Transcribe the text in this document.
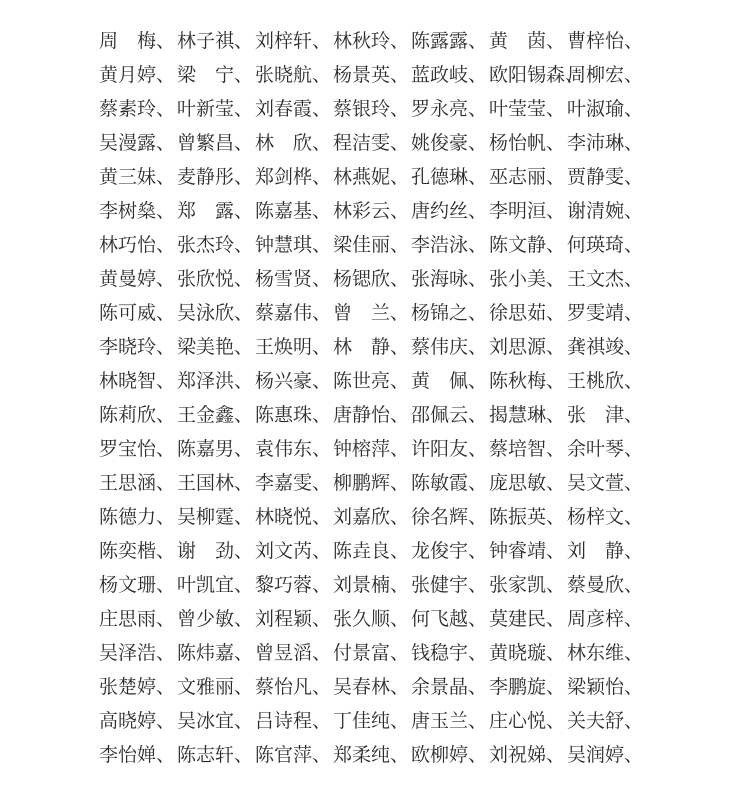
周　梅、 林子祺、 刘梓轩、 林秋玲、 陈露露、 黄　茵、 曹梓怡、
黄月婷、 梁　宁、 张晓航、 杨景英、 蓝政岐、 欧阳锡森、周柳宏、
蔡素玲、 叶新莹、 刘春霞、 蔡银玲、 罗永亮、 叶莹莹、 叶淑瑜、
吴漫露、 曾繁昌、 林　欣、 程洁雯、 姚俊豪、 杨怡帆、 李沛琳、
黄三妹、 麦静彤、 郑剑桦、 林燕妮、 孔德琳、 巫志丽、 贾静雯、
李树燊、 郑　露、 陈嘉基、 林彩云、 唐约丝、 李明洹、 谢清婉、
林巧怡、 张杰玲、 钟慧琪、 梁佳丽、 李浩泳、 陈文静、 何瑛琦、
黄曼婷、 张欣悦、 杨雪贤、 杨锶欣、 张海咏、 张小美、 王文杰、
陈可威、 吴泳欣、 蔡嘉伟、 曾　兰、 杨锦之、 徐思茹、 罗雯靖、
李晓玲、 梁美艳、 王焕明、 林　静、 蔡伟庆、 刘思源、 龚祺竣、
林晓智、 郑泽洪、 杨兴豪、 陈世亮、 黄　佩、 陈秋梅、 王桃欣、
陈莉欣、 王金鑫、 陈惠珠、 唐静怡、 邵佩云、 揭慧琳、 张　津、
罗宝怡、 陈嘉男、 袁伟东、 钟榕萍、 许阳友、 蔡培智、 余叶琴、
王思涵、 王国林、 李嘉雯、 柳鹏辉、 陈敏霞、 庞思敏、 吴文萱、
陈德力、 吴柳霆、 林晓悦、 刘嘉欣、 徐名辉、 陈振英、 杨梓文、
陈奕楷、 谢　劲、 刘文芮、 陈垚良、 龙俊宇、 钟睿靖、 刘　静、
杨文珊、 叶凯宜、 黎巧蓉、 刘景楠、 张健宇、 张家凯、 蔡曼欣、
庄思雨、 曾少敏、 刘程颖、 张久顺、 何飞越、 莫建民、 周彦梓、
吴泽浩、 陈炜嘉、 曾昱滔、 付景富、 钱稳宇、 黄晓璇、 林东维、
张楚婷、 文雅丽、 蔡怡凡、 吴春林、 余景晶、 李鹏旋、 梁颖怡、
高晓婷、 吴冰宜、 吕诗程、 丁佳纯、 唐玉兰、 庄心悦、 关夫舒、
李怡婵、 陈志轩、 陈官萍、 郑柔纯、 欧柳婷、 刘祝娣、 吴润婷、
